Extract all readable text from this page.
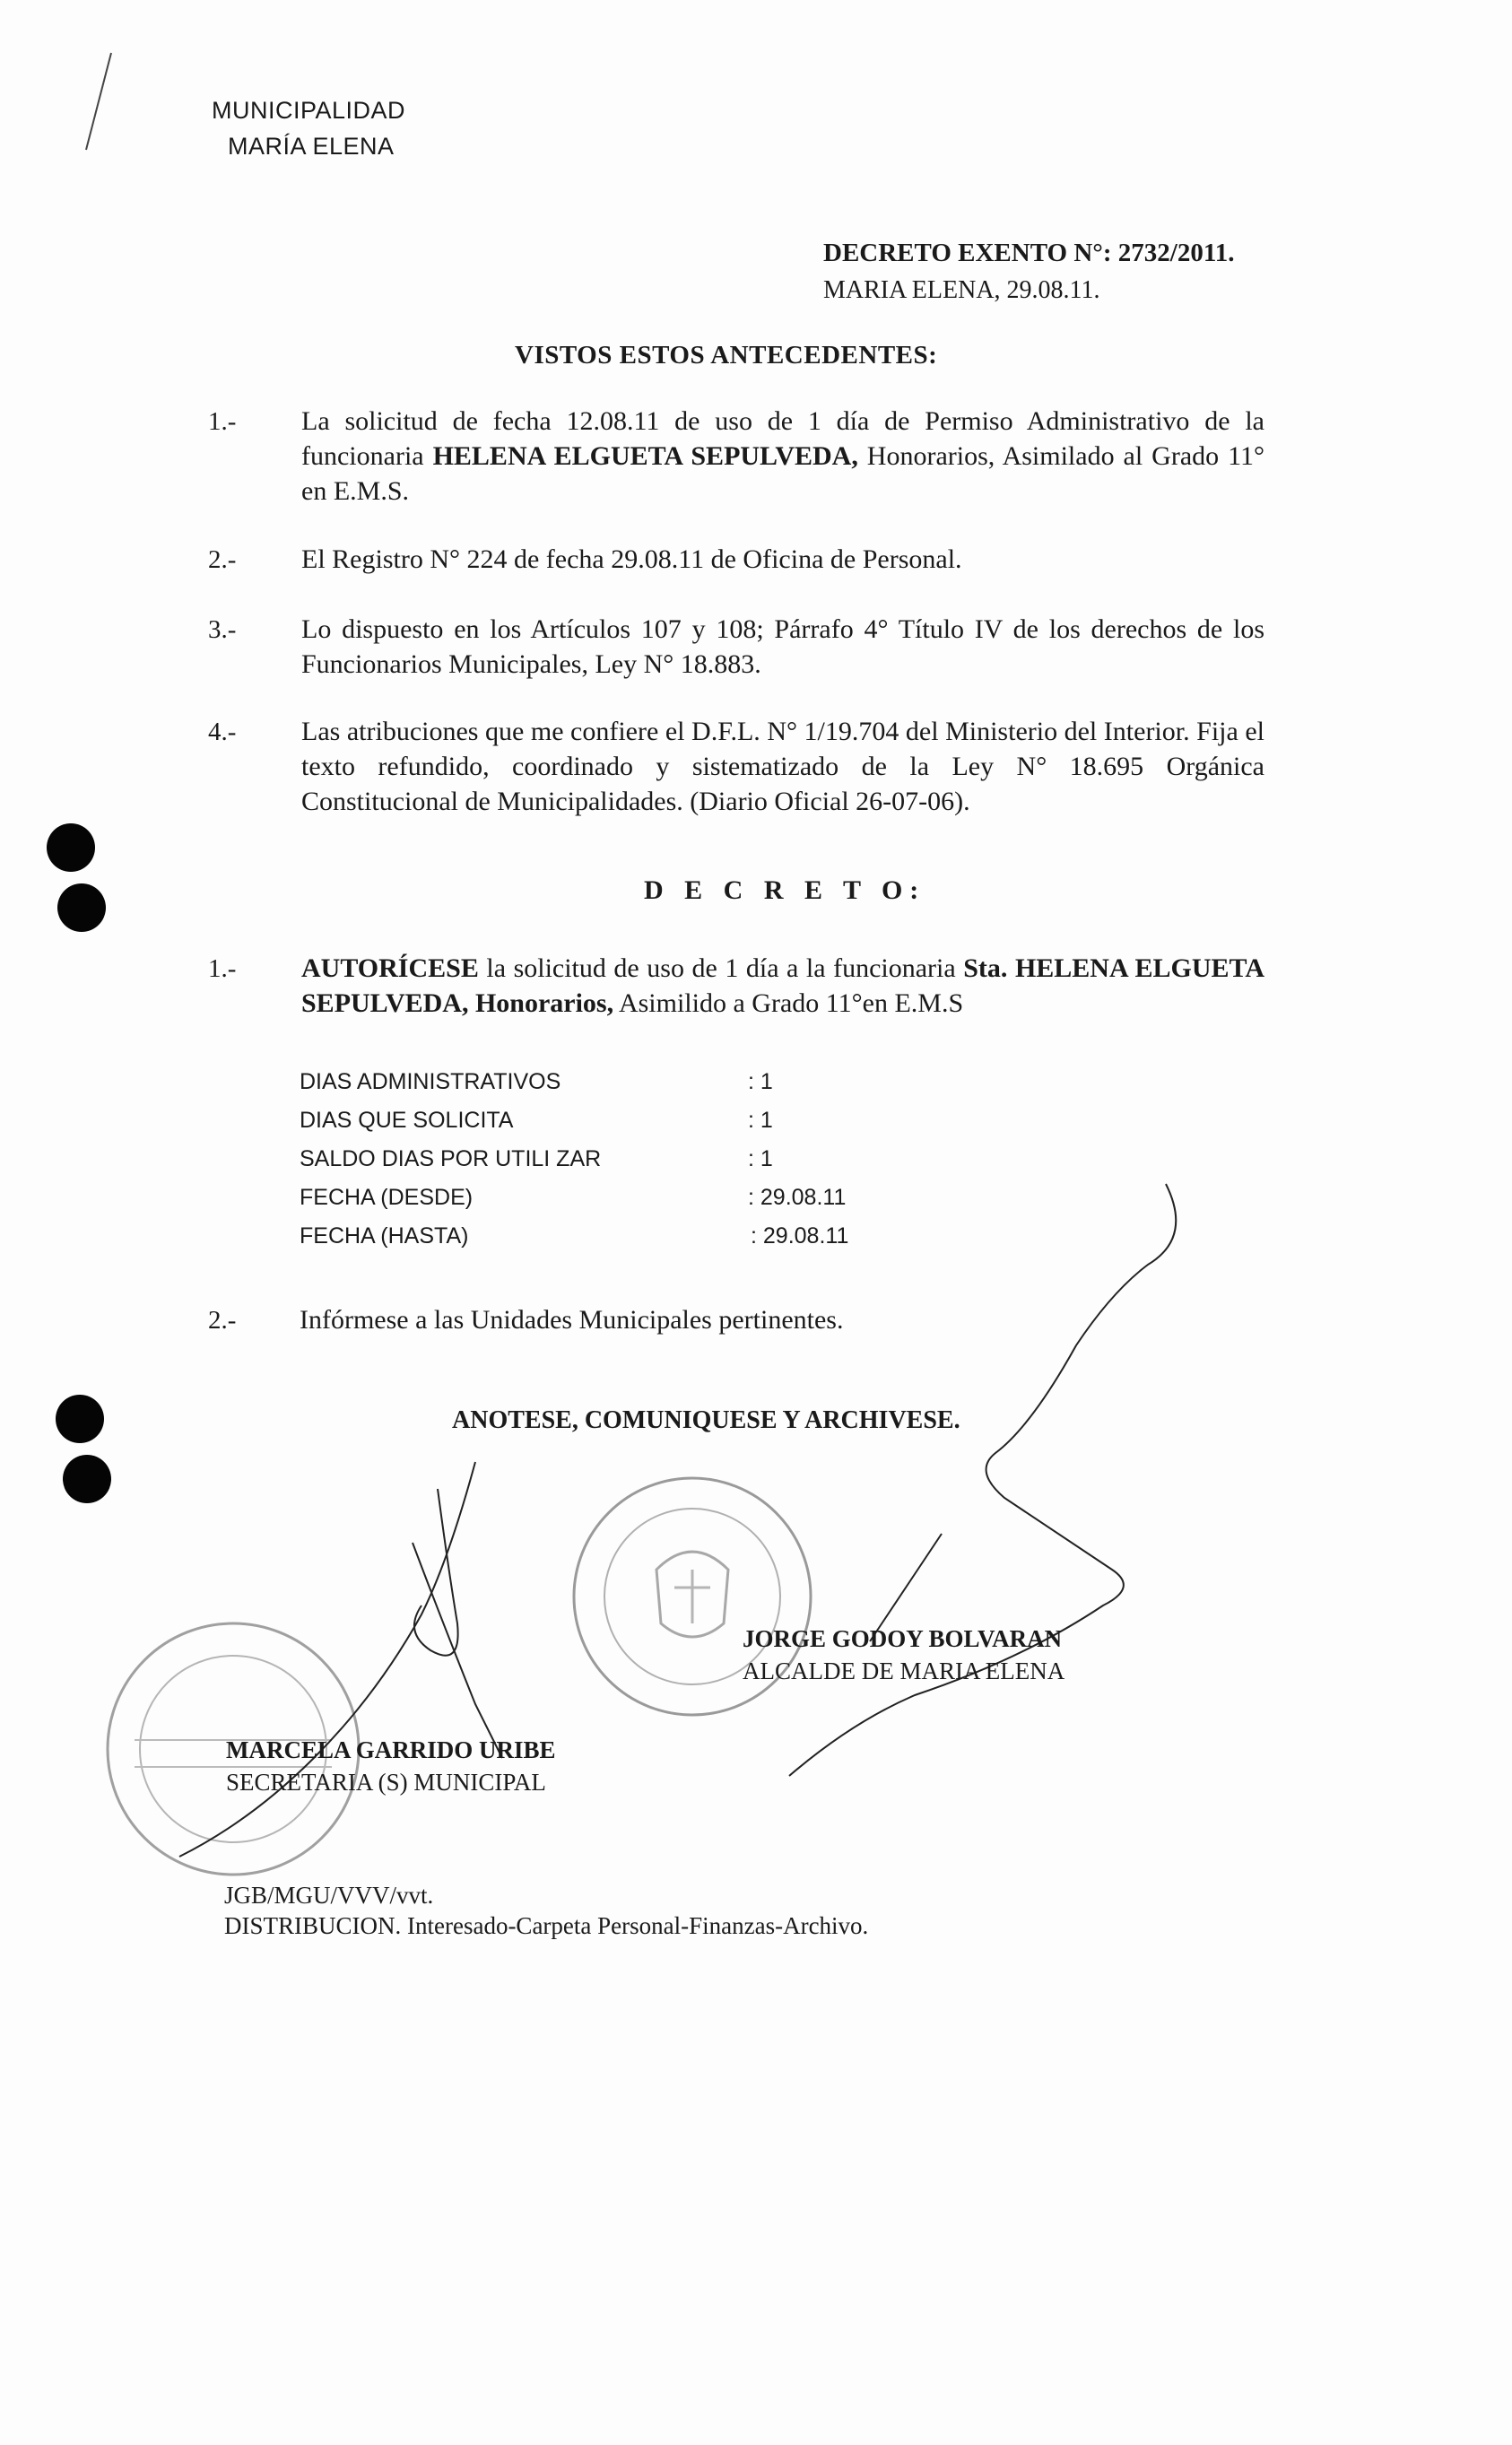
MUNICIPALIDAD
MARÍA ELENA
DECRETO EXENTO N°: 2732/2011.
MARIA ELENA, 29.08.11.
VISTOS ESTOS ANTECEDENTES:
1.- La solicitud de fecha 12.08.11 de uso de 1 día de Permiso Administrativo de la funcionaria HELENA ELGUETA SEPULVEDA, Honorarios, Asimilado al Grado 11° en E.M.S.
2.- El Registro N° 224 de fecha 29.08.11 de Oficina de Personal.
3.- Lo dispuesto en los Artículos 107 y 108; Párrafo 4° Título IV de los derechos de los Funcionarios Municipales, Ley N° 18.883.
4.- Las atribuciones que me confiere el D.F.L. N° 1/19.704 del Ministerio del Interior. Fija el texto refundido, coordinado y sistematizado de la Ley N° 18.695 Orgánica Constitucional de Municipalidades. (Diario Oficial 26-07-06).
D E C R E T O:
1.- AUTORÍCESE la solicitud de uso de 1 día a la funcionaria Sta. HELENA ELGUETA SEPULVEDA, Honorarios, Asimilido a Grado 11°en E.M.S
DIAS ADMINISTRATIVOS	: 1
DIAS QUE SOLICITA	: 1
SALDO DIAS POR UTILI ZAR	: 1
FECHA (DESDE)	: 29.08.11
FECHA (HASTA)	: 29.08.11
2.- Infórmese a las Unidades Municipales pertinentes.
ANOTESE, COMUNIQUESE Y ARCHIVESE.
JORGE GODOY BOLVARAN
ALCALDE DE MARIA ELENA
MARCELA GARRIDO URIBE
SECRETARIA (S) MUNICIPAL
JGB/MGU/VVV/vvt.
DISTRIBUCION. Interesado-Carpeta Personal-Finanzas-Archivo.
